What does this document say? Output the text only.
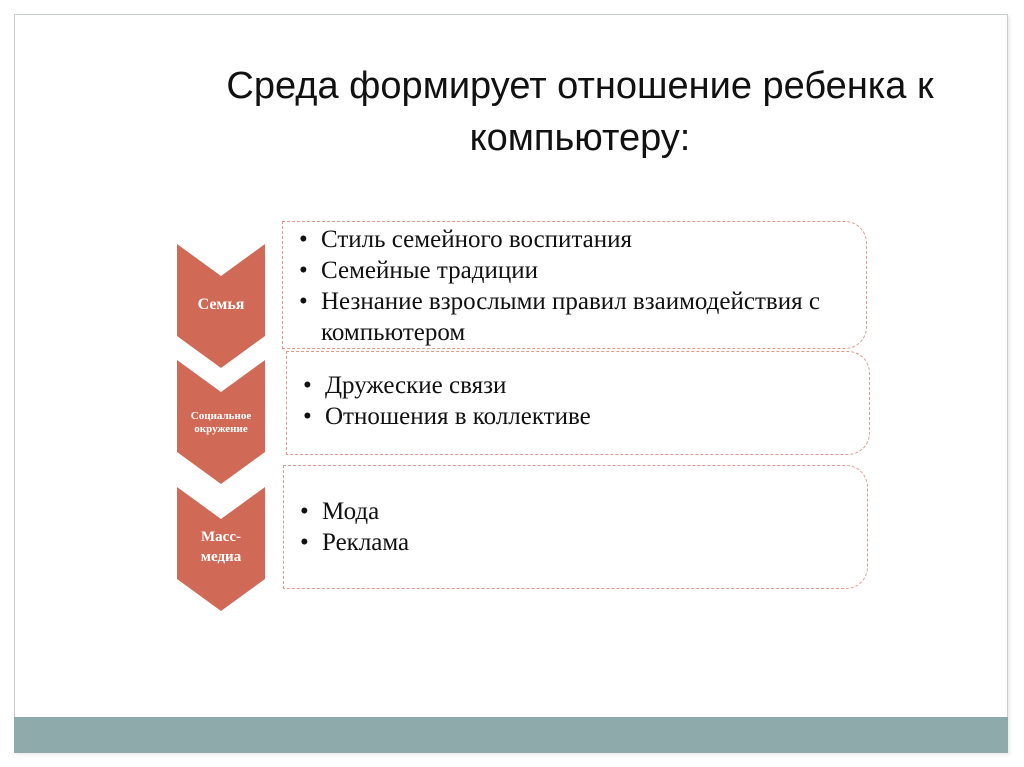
Среда формирует отношение ребенка к компьютеру:
Семья
• Стиль семейного воспитания
• Семейные традиции
• Незнание взрослыми правил взаимодействия с компьютером
Социальное
окружение
• Дружеские связи
• Отношения в коллективе
Масс-
медиа
• Мода
• Реклама
